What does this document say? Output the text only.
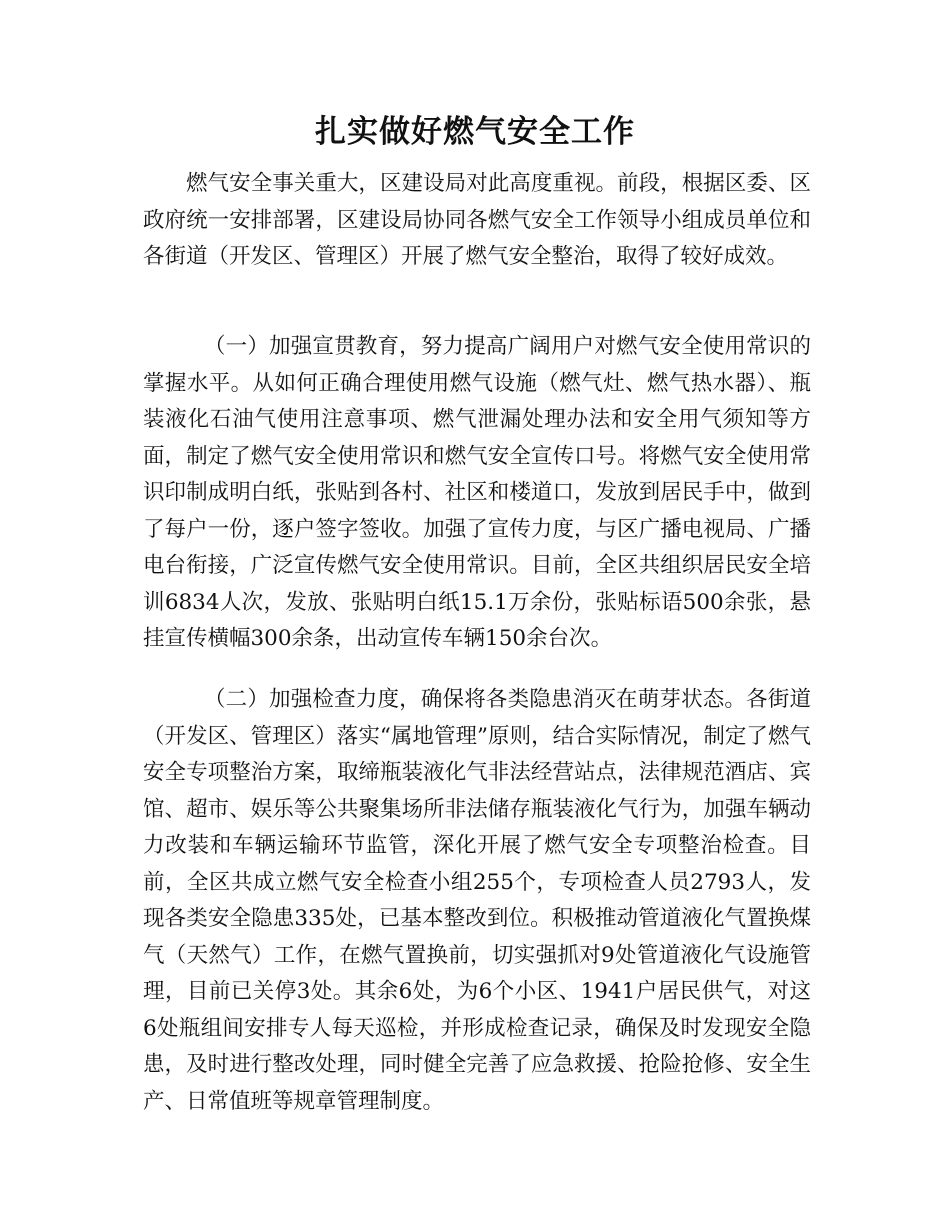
扎实做好燃气安全工作

燃气安全事关重大，区建设局对此高度重视。前段，根据区委、区政府统一安排部署，区建设局协同各燃气安全工作领导小组成员单位和各街道（开发区、管理区）开展了燃气安全整治，取得了较好成效。

（一）加强宣贯教育，努力提高广阔用户对燃气安全使用常识的掌握水平。从如何正确合理使用燃气设施（燃气灶、燃气热水器）、瓶装液化石油气使用注意事项、燃气泄漏处理办法和安全用气须知等方面，制定了燃气安全使用常识和燃气安全宣传口号。将燃气安全使用常识印制成明白纸，张贴到各村、社区和楼道口，发放到居民手中，做到了每户一份，逐户签字签收。加强了宣传力度，与区广播电视局、广播电台衔接，广泛宣传燃气安全使用常识。目前，全区共组织居民安全培训6834人次，发放、张贴明白纸15.1万余份，张贴标语500余张，悬挂宣传横幅300余条，出动宣传车辆150余台次。

（二）加强检查力度，确保将各类隐患消灭在萌芽状态。各街道（开发区、管理区）落实“属地管理”原则，结合实际情况，制定了燃气安全专项整治方案，取缔瓶装液化气非法经营站点，法律规范酒店、宾馆、超市、娱乐等公共聚集场所非法储存瓶装液化气行为，加强车辆动力改装和车辆运输环节监管，深化开展了燃气安全专项整治检查。目前，全区共成立燃气安全检查小组255个，专项检查人员2793人，发现各类安全隐患335处，已基本整改到位。积极推动管道液化气置换煤气（天然气）工作，在燃气置换前，切实强抓对9处管道液化气设施管理，目前已关停3处。其余6处，为6个小区、1941户居民供气，对这6处瓶组间安排专人每天巡检，并形成检查记录，确保及时发现安全隐患，及时进行整改处理，同时健全完善了应急救援、抢险抢修、安全生产、日常值班等规章管理制度。
